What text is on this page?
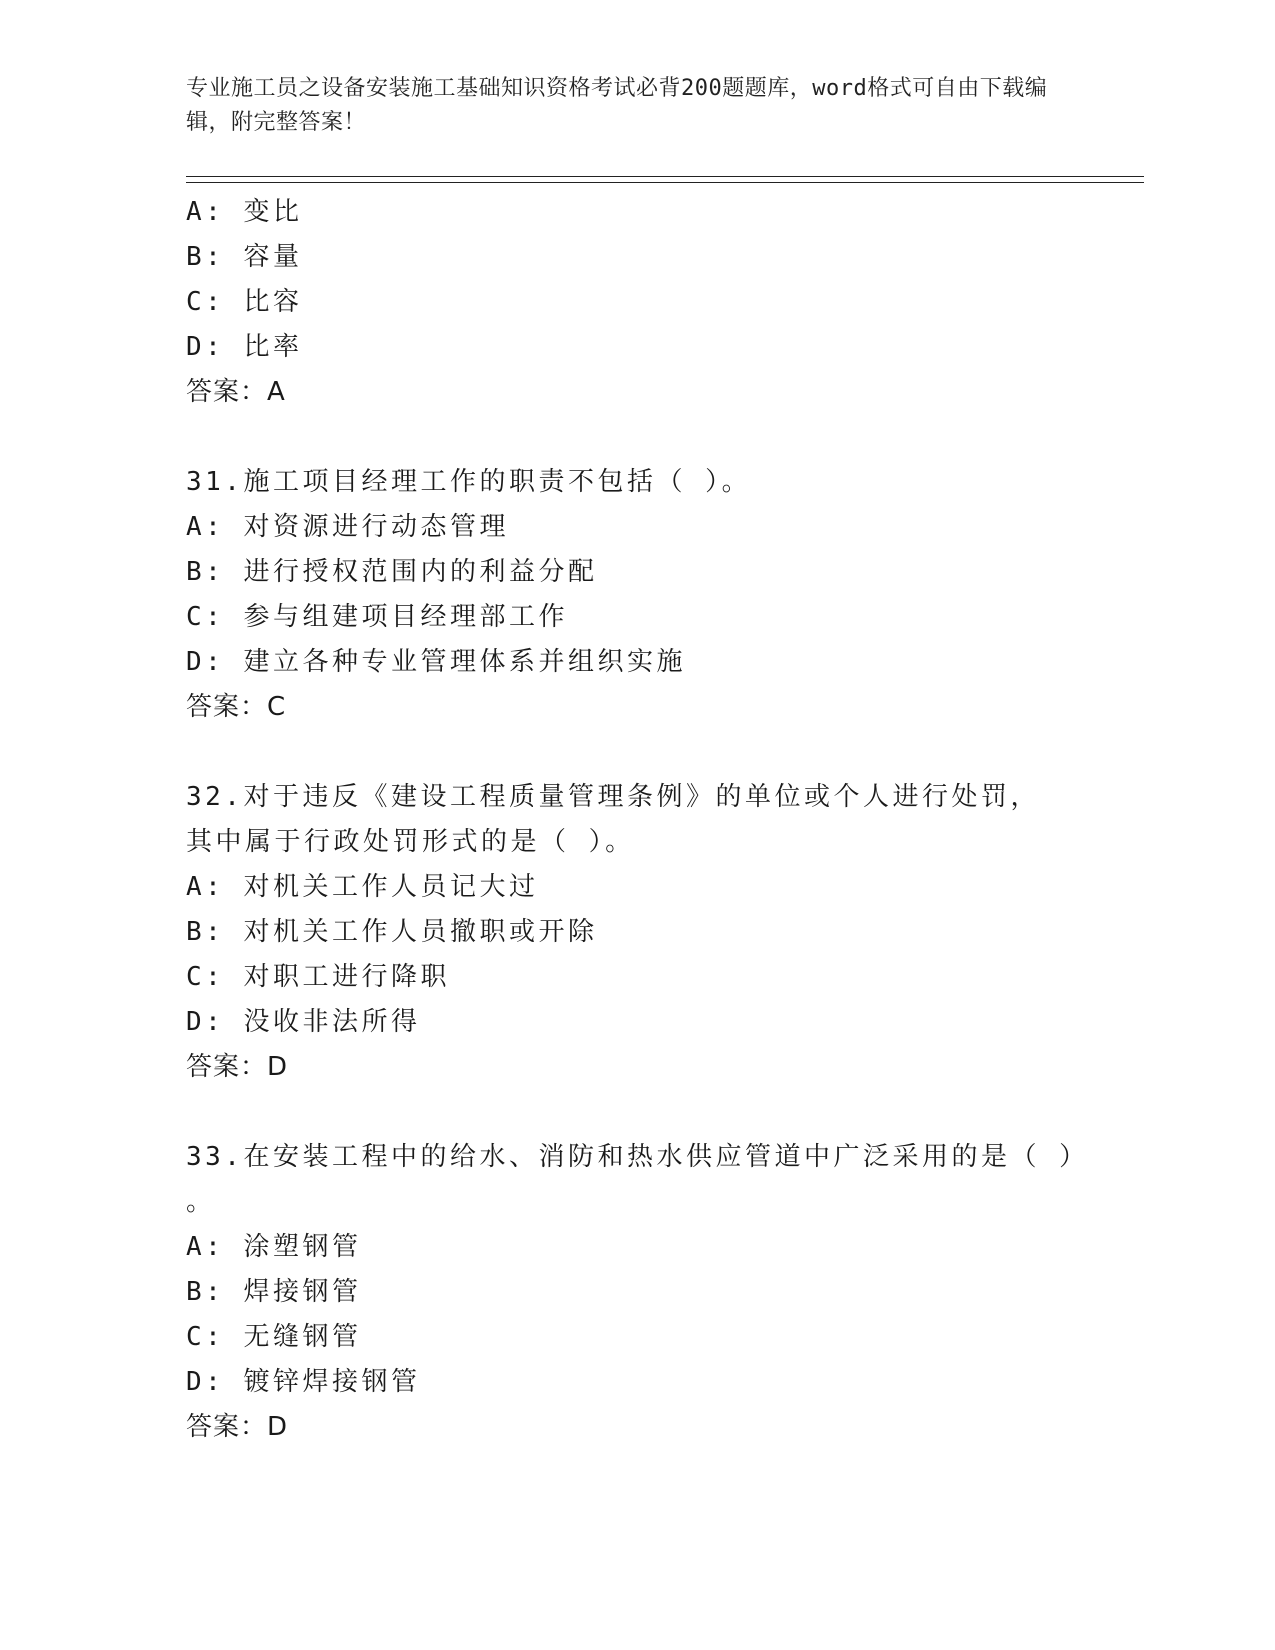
专业施工员之设备安装施工基础知识资格考试必背200题题库，word格式可自由下载编辑，附完整答案！
A: 变比
B: 容量
C: 比容
D: 比率
答案：A
31.施工项目经理工作的职责不包括（ ）。
A: 对资源进行动态管理
B: 进行授权范围内的利益分配
C: 参与组建项目经理部工作
D: 建立各种专业管理体系并组织实施
答案：C
32.对于违反《建设工程质量管理条例》的单位或个人进行处罚，其中属于行政处罚形式的是（ ）。
A: 对机关工作人员记大过
B: 对机关工作人员撤职或开除
C: 对职工进行降职
D: 没收非法所得
答案：D
33.在安装工程中的给水、消防和热水供应管道中广泛采用的是（ ）
。
A: 涂塑钢管
B: 焊接钢管
C: 无缝钢管
D: 镀锌焊接钢管
答案：D
